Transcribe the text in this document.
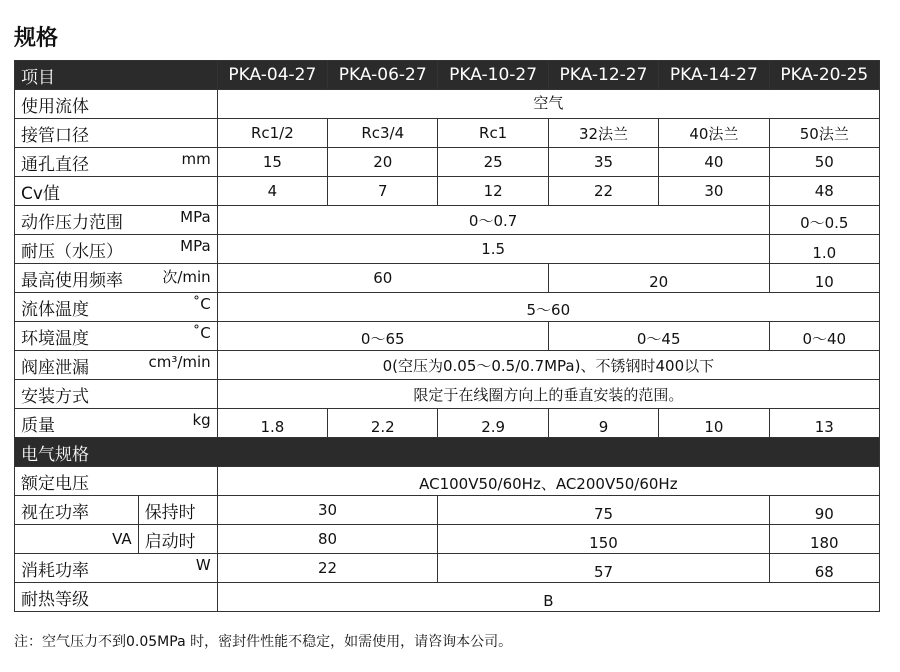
规格
项目	PKA-04-27	PKA-06-27	PKA-10-27	PKA-12-27	PKA-14-27	PKA-20-25
使用流体	空气					
接管口径	Rc1/2	Rc3/4	Rc1	32法兰	40法兰	50法兰
通孔直径 mm	15	20	25	35	40	50
Cv值	4	7	12	22	30	48
动作压力范围 MPa	0～0.7					0～0.5
耐压（水压） MPa	1.5					1.0
最高使用频率 次/min	60			20		10
流体温度 ˚C	5～60					
环境温度 ˚C	0～65			0～45		0～40
阀座泄漏 cm³/min	0(空压为0.05～0.5/0.7MPa)、不锈钢时400以下					
安装方式	限定于在线圈方向上的垂直安装的范围。					
质量 kg	1.8	2.2	2.9	9	10	13
电气规格						
额定电压	AC100V50/60Hz、AC200V50/60Hz					

视在功率 保持时	30		75			90

VA 启动时	80		150			180
消耗功率 W	22		57			68
耐热等级	B					
注：空气压力不到0.05MPa 时，密封件性能不稳定，如需使用，请咨询本公司。
